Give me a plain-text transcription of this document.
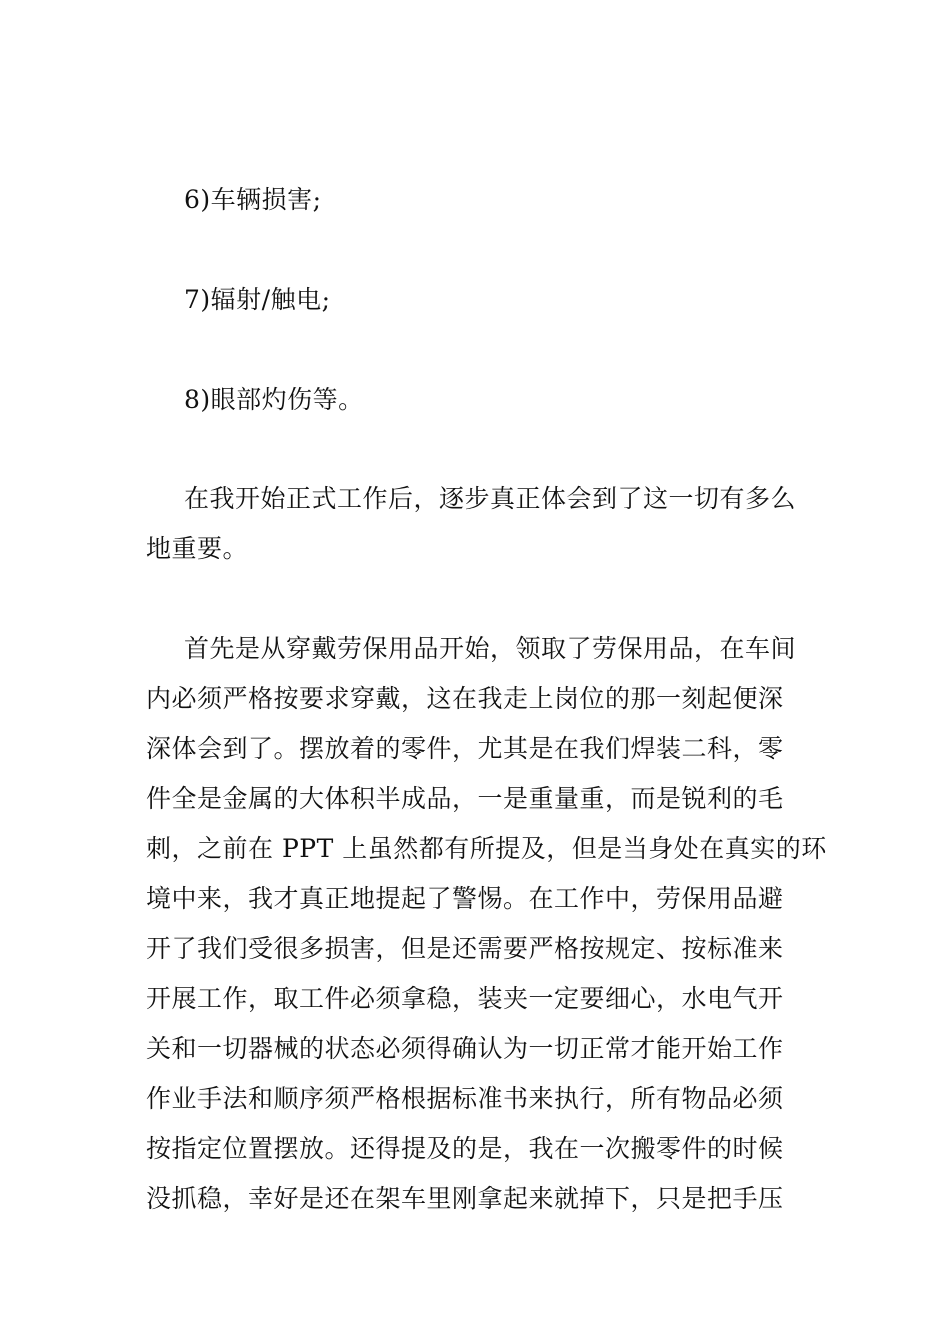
6)车辆损害;
7)辐射/触电;
8)眼部灼伤等。
在我开始正式工作后，逐步真正体会到了这一切有多么
地重要。
首先是从穿戴劳保用品开始，领取了劳保用品，在车间
内必须严格按要求穿戴，这在我走上岗位的那一刻起便深
深体会到了。摆放着的零件，尤其是在我们焊装二科，零
件全是金属的大体积半成品，一是重量重，而是锐利的毛
刺，之前在 PPT 上虽然都有所提及，但是当身处在真实的环
境中来，我才真正地提起了警惕。在工作中，劳保用品避
开了我们受很多损害，但是还需要严格按规定、按标准来
开展工作，取工件必须拿稳，装夹一定要细心，水电气开
关和一切器械的状态必须得确认为一切正常才能开始工作
作业手法和顺序须严格根据标准书来执行，所有物品必须
按指定位置摆放。还得提及的是，我在一次搬零件的时候
没抓稳，幸好是还在架车里刚拿起来就掉下，只是把手压
